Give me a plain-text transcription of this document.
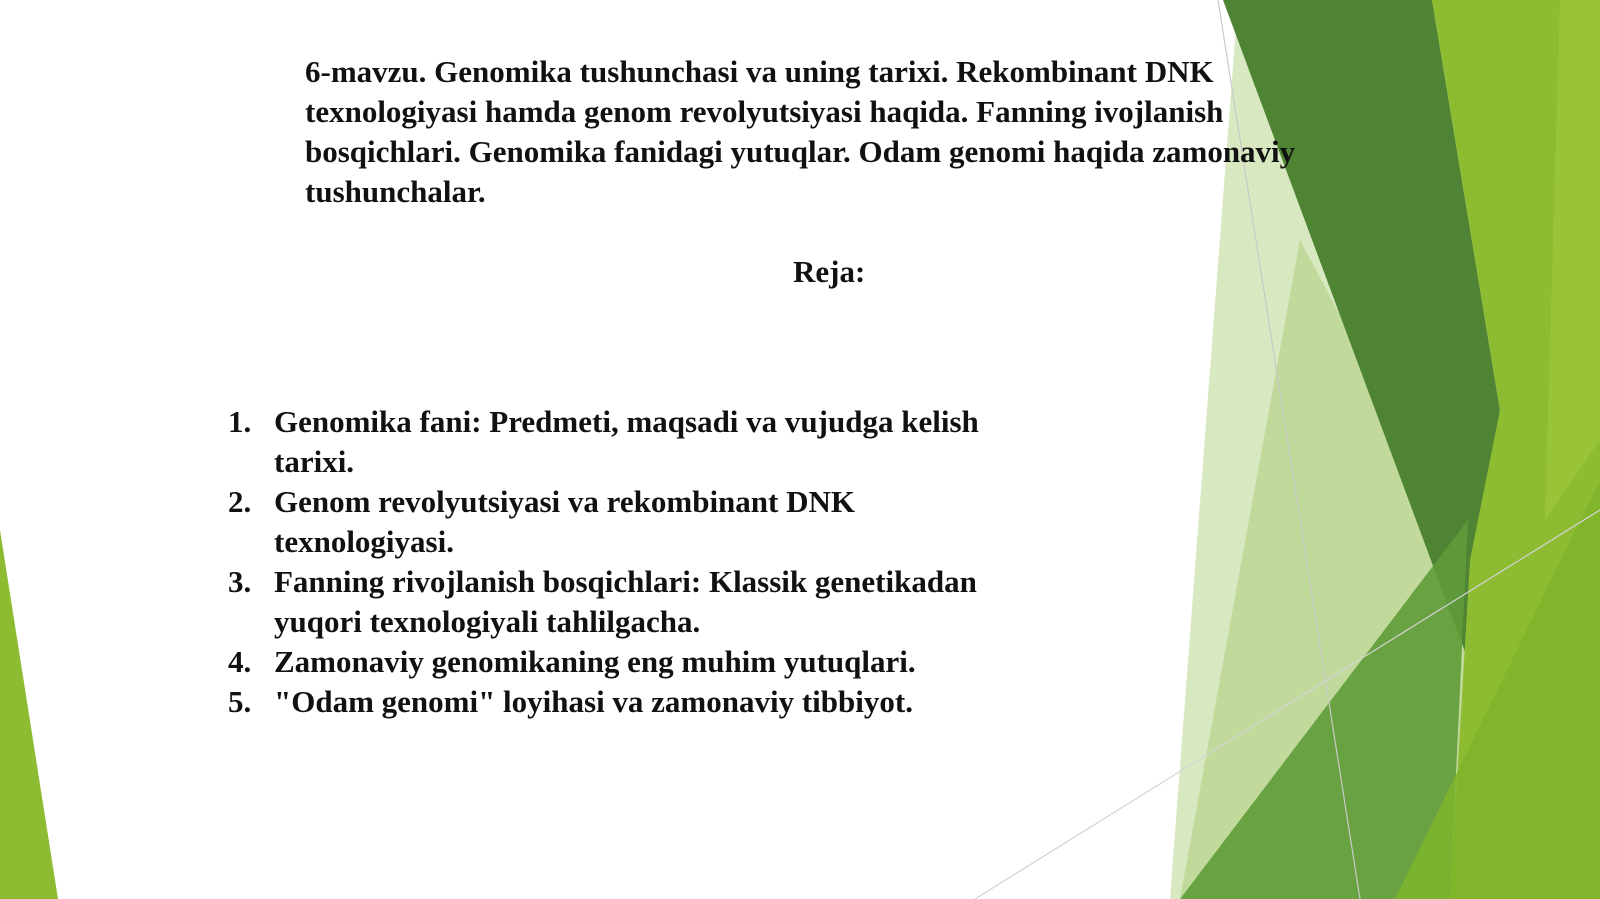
6-mavzu. Genomika tushunchasi va uning tarixi. Rekombinant DNK texnologiyasi hamda genom revolyutsiyasi haqida. Fanning ivojlanish bosqichlari. Genomika fanidagi yutuqlar. Odam genomi haqida zamonaviy tushunchalar.

Reja:

1. Genomika fani: Predmeti, maqsadi va vujudga kelish tarixi.
2. Genom revolyutsiyasi va rekombinant DNK texnologiyasi.
3. Fanning rivojlanish bosqichlari: Klassik genetikadan yuqori texnologiyali tahlilgacha.
4. Zamonaviy genomikaning eng muhim yutuqlari.
5. "Odam genomi" loyihasi va zamonaviy tibbiyot.
